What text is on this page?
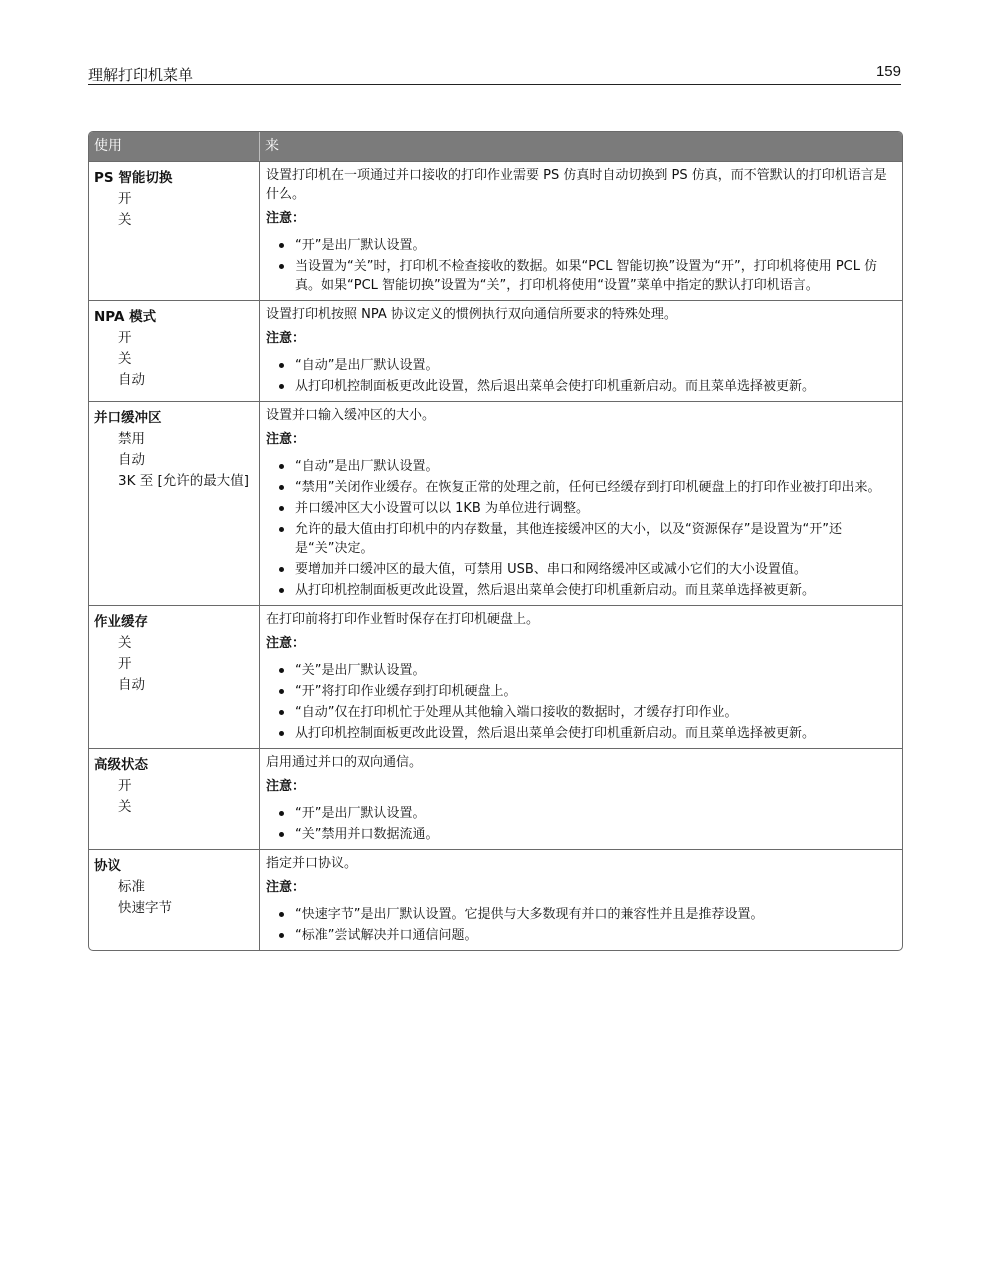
理解打印机菜单	159
使用	来
PS 智能切换
开
关

设置打印机在一项通过并口接收的打印作业需要 PS 仿真时自动切换到 PS 仿真，而不管默认的打印机语言是什么。

注意：

“开”是出厂默认设置。
当设置为“关”时，打印机不检查接收的数据。如果“PCL 智能切换”设置为“开”，打印机将使用 PCL 仿真。如果“PCL 智能切换”设置为“关”，打印机将使用“设置”菜单中指定的默认打印机语言。
NPA 模式
开
关
自动

设置打印机按照 NPA 协议定义的惯例执行双向通信所要求的特殊处理。

注意：

“自动”是出厂默认设置。
从打印机控制面板更改此设置，然后退出菜单会使打印机重新启动。而且菜单选择被更新。
并口缓冲区
禁用
自动
3K 至 [允许的最大值]

设置并口输入缓冲区的大小。

注意：

“自动”是出厂默认设置。
“禁用”关闭作业缓存。在恢复正常的处理之前，任何已经缓存到打印机硬盘上的打印作业被打印出来。
并口缓冲区大小设置可以以 1KB 为单位进行调整。
允许的最大值由打印机中的内存数量，其他连接缓冲区的大小，以及“资源保存”是设置为“开”还是“关”决定。
要增加并口缓冲区的最大值，可禁用 USB、串口和网络缓冲区或减小它们的大小设置值。
从打印机控制面板更改此设置，然后退出菜单会使打印机重新启动。而且菜单选择被更新。
作业缓存
关
开
自动

在打印前将打印作业暂时保存在打印机硬盘上。

注意：

“关”是出厂默认设置。
“开”将打印作业缓存到打印机硬盘上。
“自动”仅在打印机忙于处理从其他输入端口接收的数据时，才缓存打印作业。
从打印机控制面板更改此设置，然后退出菜单会使打印机重新启动。而且菜单选择被更新。
高级状态
开
关

启用通过并口的双向通信。

注意：

“开”是出厂默认设置。
“关”禁用并口数据流通。
协议
标准
快速字节

指定并口协议。

注意：

“快速字节”是出厂默认设置。它提供与大多数现有并口的兼容性并且是推荐设置。
“标准”尝试解决并口通信问题。
